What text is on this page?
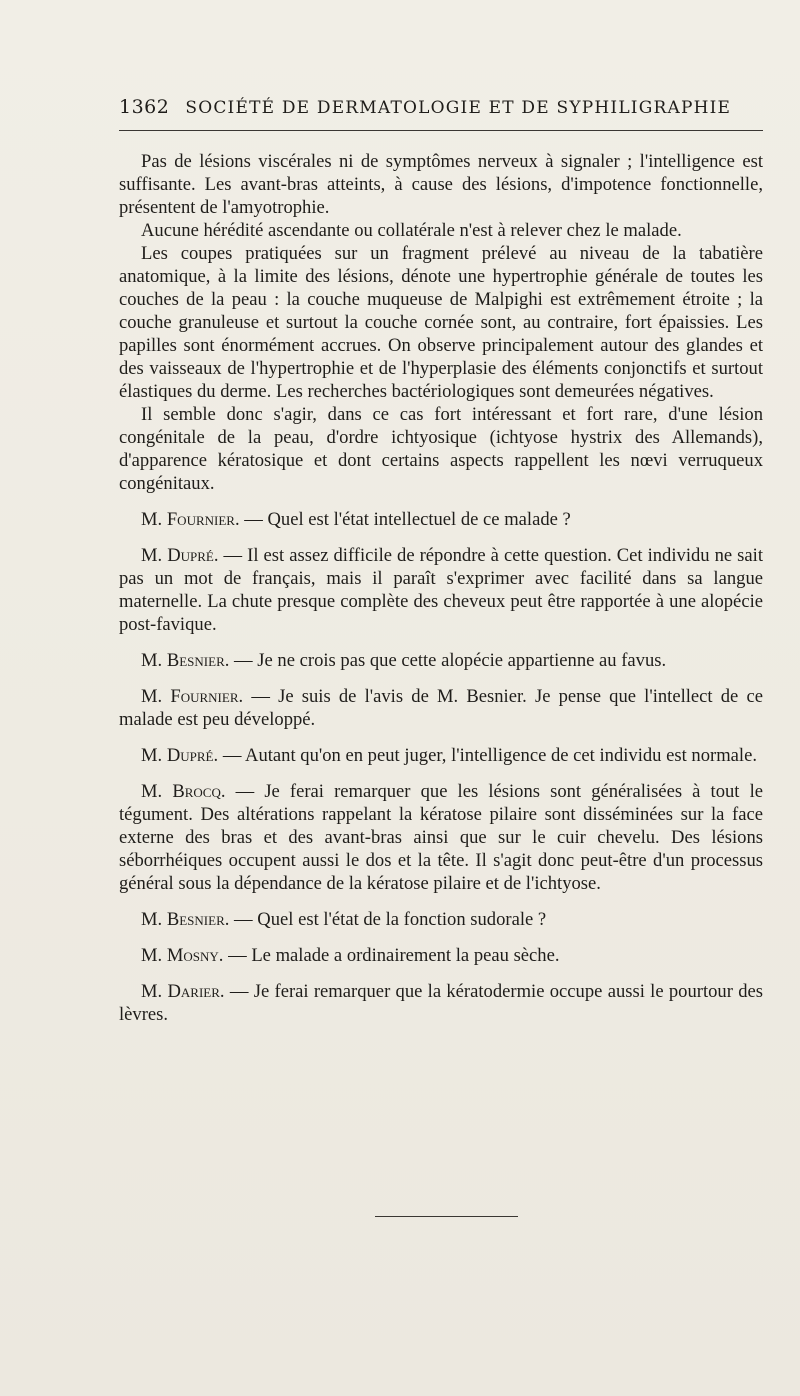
1362 SOCIÉTÉ DE DERMATOLOGIE ET DE SYPHILIGRAPHIE

Pas de lésions viscérales ni de symptômes nerveux à signaler ; l'intelligence est suffisante. Les avant-bras atteints, à cause des lésions, d'impotence fonctionnelle, présentent de l'amyotrophie.

Aucune hérédité ascendante ou collatérale n'est à relever chez le malade.

Les coupes pratiquées sur un fragment prélevé au niveau de la tabatière anatomique, à la limite des lésions, dénote une hypertrophie générale de toutes les couches de la peau : la couche muqueuse de Malpighi est extrêmement étroite ; la couche granuleuse et surtout la couche cornée sont, au contraire, fort épaissies. Les papilles sont énormément accrues. On observe principalement autour des glandes et des vaisseaux de l'hypertrophie et de l'hyperplasie des éléments conjonctifs et surtout élastiques du derme. Les recherches bactériologiques sont demeurées négatives.

Il semble donc s'agir, dans ce cas fort intéressant et fort rare, d'une lésion congénitale de la peau, d'ordre ichtyosique (ichtyose hystrix des Allemands), d'apparence kératosique et dont certains aspects rappellent les nœvi verruqueux congénitaux.

M. Fournier. — Quel est l'état intellectuel de ce malade ?

M. Dupré. — Il est assez difficile de répondre à cette question. Cet individu ne sait pas un mot de français, mais il paraît s'exprimer avec facilité dans sa langue maternelle. La chute presque complète des cheveux peut être rapportée à une alopécie post-favique.

M. Besnier. — Je ne crois pas que cette alopécie appartienne au favus.

M. Fournier. — Je suis de l'avis de M. Besnier. Je pense que l'intellect de ce malade est peu développé.

M. Dupré. — Autant qu'on en peut juger, l'intelligence de cet individu est normale.

M. Brocq. — Je ferai remarquer que les lésions sont généralisées à tout le tégument. Des altérations rappelant la kératose pilaire sont disséminées sur la face externe des bras et des avant-bras ainsi que sur le cuir chevelu. Des lésions séborrhéiques occupent aussi le dos et la tête. Il s'agit donc peut-être d'un processus général sous la dépendance de la kératose pilaire et de l'ichtyose.

M. Besnier. — Quel est l'état de la fonction sudorale ?

M. Mosny. — Le malade a ordinairement la peau sèche.

M. Darier. — Je ferai remarquer que la kératodermie occupe aussi le pourtour des lèvres.
